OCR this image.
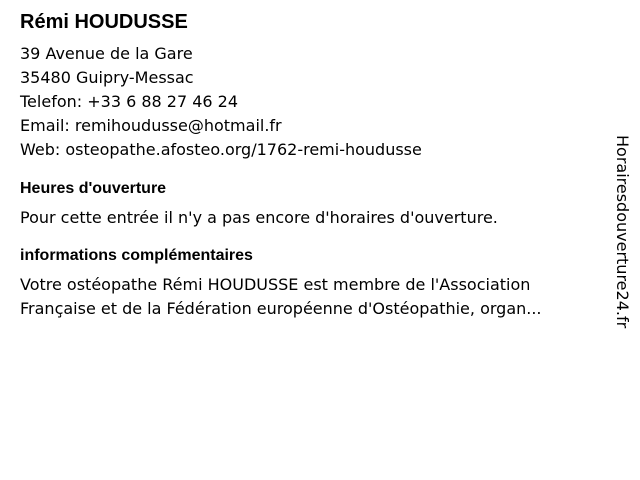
Rémi HOUDUSSE
39 Avenue de la Gare
35480 Guipry-Messac
Telefon: +33 6 88 27 46 24
Email: remihoudusse@hotmail.fr
Web: osteopathe.afosteo.org/1762-remi-houdusse
Heures d'ouverture
Pour cette entrée il n'y a pas encore d'horaires d'ouverture.
informations complémentaires
Votre ostéopathe Rémi HOUDUSSE est membre de l'Association
Française et de la Fédération européenne d'Ostéopathie, organ...	Horairesdouverture24.fr
